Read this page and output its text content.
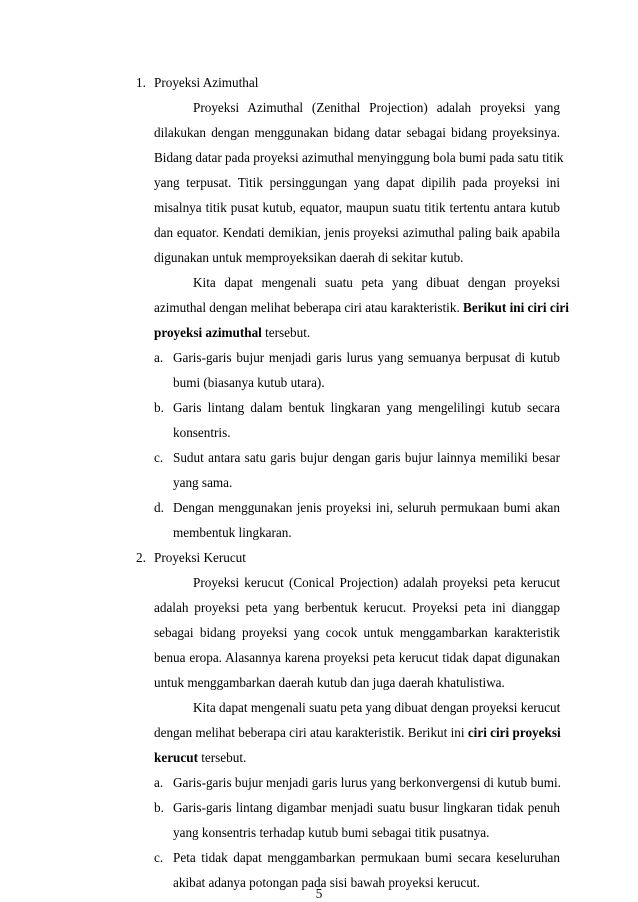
1. Proyeksi Azimuthal
Proyeksi Azimuthal (Zenithal Projection) adalah proyeksi yang
dilakukan dengan menggunakan bidang datar sebagai bidang proyeksinya.
Bidang datar pada proyeksi azimuthal menyinggung bola bumi pada satu titik
yang terpusat. Titik persinggungan yang dapat dipilih pada proyeksi ini
misalnya titik pusat kutub, equator, maupun suatu titik tertentu antara kutub
dan equator. Kendati demikian, jenis proyeksi azimuthal paling baik apabila
digunakan untuk memproyeksikan daerah di sekitar kutub.
Kita dapat mengenali suatu peta yang dibuat dengan proyeksi
azimuthal dengan melihat beberapa ciri atau karakteristik. Berikut ini ciri ciri
proyeksi azimuthal tersebut.
a. Garis-garis bujur menjadi garis lurus yang semuanya berpusat di kutub
bumi (biasanya kutub utara).
b. Garis lintang dalam bentuk lingkaran yang mengelilingi kutub secara
konsentris.
c. Sudut antara satu garis bujur dengan garis bujur lainnya memiliki besar
yang sama.
d. Dengan menggunakan jenis proyeksi ini, seluruh permukaan bumi akan
membentuk lingkaran.
2. Proyeksi Kerucut
Proyeksi kerucut (Conical Projection) adalah proyeksi peta kerucut
adalah proyeksi peta yang berbentuk kerucut. Proyeksi peta ini dianggap
sebagai bidang proyeksi yang cocok untuk menggambarkan karakteristik
benua eropa. Alasannya karena proyeksi peta kerucut tidak dapat digunakan
untuk menggambarkan daerah kutub dan juga daerah khatulistiwa.
Kita dapat mengenali suatu peta yang dibuat dengan proyeksi kerucut
dengan melihat beberapa ciri atau karakteristik. Berikut ini ciri ciri proyeksi
kerucut tersebut.
a. Garis-garis bujur menjadi garis lurus yang berkonvergensi di kutub bumi.
b. Garis-garis lintang digambar menjadi suatu busur lingkaran tidak penuh
yang konsentris terhadap kutub bumi sebagai titik pusatnya.
c. Peta tidak dapat menggambarkan permukaan bumi secara keseluruhan
akibat adanya potongan pada sisi bawah proyeksi kerucut.
5
